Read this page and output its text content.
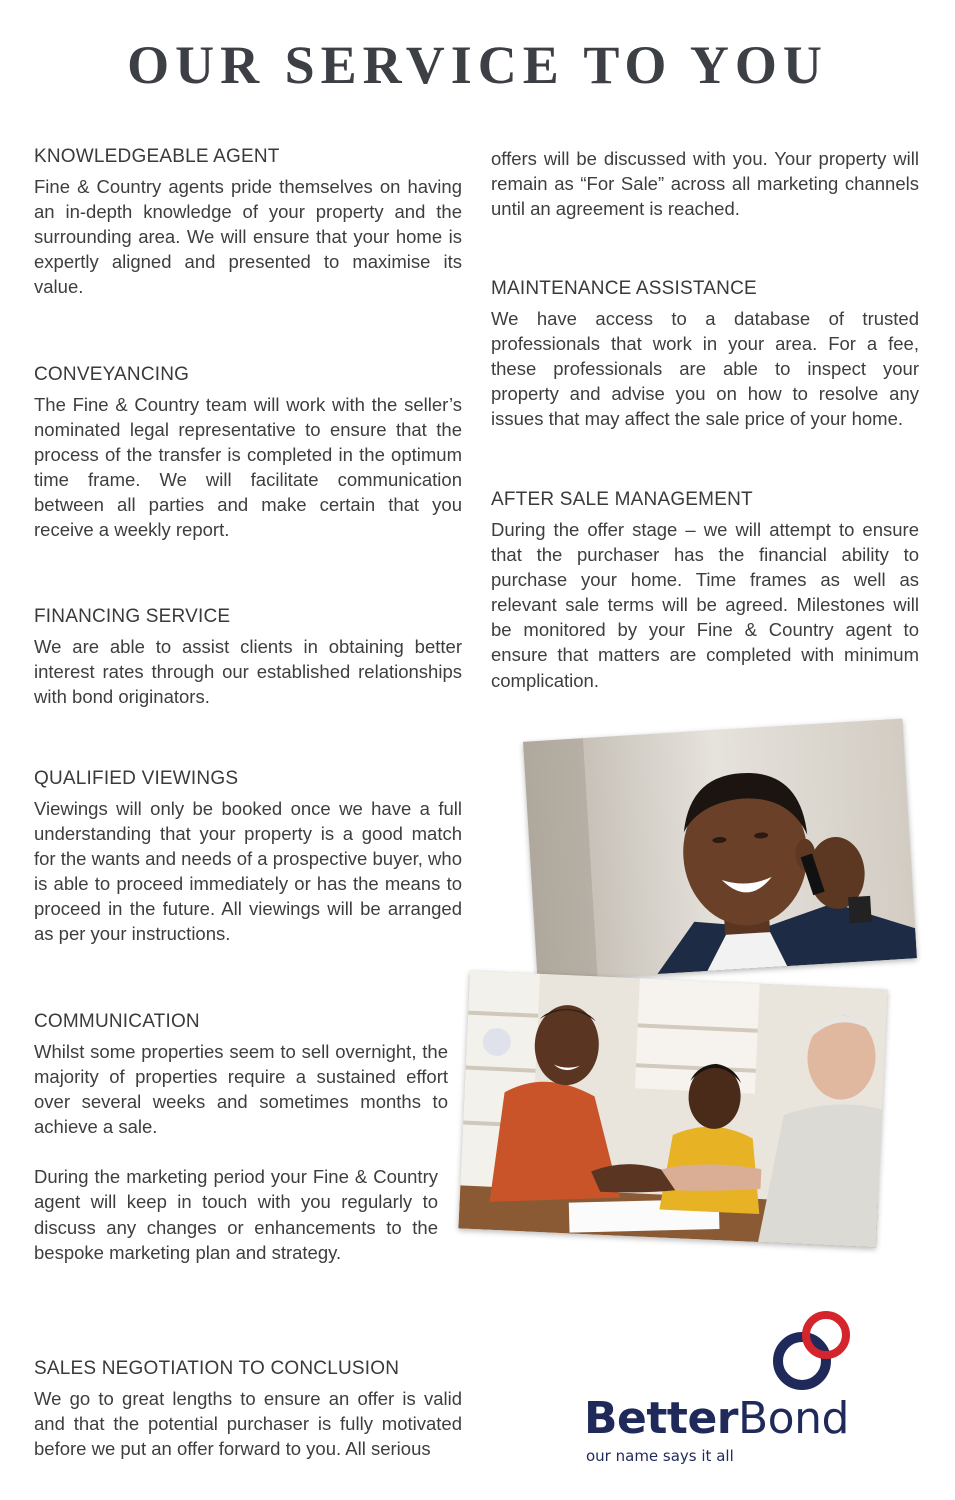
OUR SERVICE TO YOU
KNOWLEDGEABLE AGENT

Fine & Country agents pride themselves on having an in-depth knowledge of your property and the surrounding area. We will ensure that your home is expertly aligned and presented to maximise its value.

CONVEYANCING

The Fine & Country team will work with the seller’s nominated legal representative to ensure that the process of the transfer is completed in the optimum time frame. We will facilitate communication between all parties and make certain that you receive a weekly report.

FINANCING SERVICE

We are able to assist clients in obtaining better interest rates through our established relationships with bond originators.

QUALIFIED VIEWINGS

Viewings will only be booked once we have a full understanding that your property is a good match for the wants and needs of a prospective buyer, who is able to proceed immediately or has the means to proceed in the future. All viewings will be arranged as per your instructions.

COMMUNICATION

Whilst some properties seem to sell overnight, the majority of properties require a sustained effort over several weeks and sometimes months to achieve a sale.

During the marketing period your Fine & Country agent will keep in touch with you regularly to discuss any changes or enhancements to the bespoke marketing plan and strategy.

SALES NEGOTIATION TO CONCLUSION

We go to great lengths to ensure an offer is valid and that the potential purchaser is fully motivated before we put an offer forward to you. All serious

offers will be discussed with you. Your property will remain as “For Sale” across all marketing channels until an agreement is reached.

MAINTENANCE ASSISTANCE

We have access to a database of trusted professionals that work in your area. For a fee, these professionals are able to inspect your property and advise you on how to resolve any issues that may affect the sale price of your home.

AFTER SALE MANAGEMENT

During the offer stage – we will attempt to ensure that the purchaser has the financial ability to purchase your home. Time frames as well as relevant sale terms will be agreed. Milestones will be monitored by your Fine & Country agent to ensure that matters are completed with minimum complication.

BetterBond
our name says it all
